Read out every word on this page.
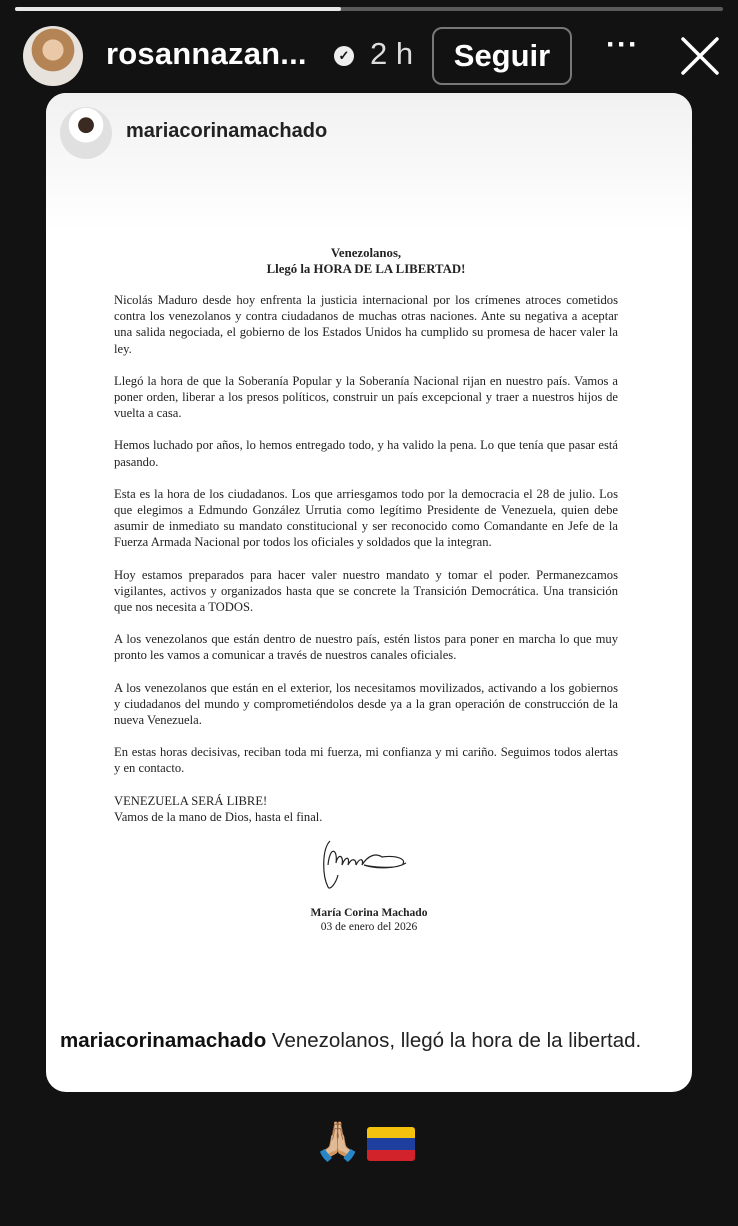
rosannazan...	✓ 2 h	Seguir	···
mariacorinamachado
Venezolanos,
Llegó la HORA DE LA LIBERTAD!

Nicolás Maduro desde hoy enfrenta la justicia internacional por los crímenes atroces cometidos contra los venezolanos y contra ciudadanos de muchas otras naciones. Ante su negativa a aceptar una salida negociada, el gobierno de los Estados Unidos ha cumplido su promesa de hacer valer la ley.

Llegó la hora de que la Soberanía Popular y la Soberanía Nacional rijan en nuestro país. Vamos a poner orden, liberar a los presos políticos, construir un país excepcional y traer a nuestros hijos de vuelta a casa.

Hemos luchado por años, lo hemos entregado todo, y ha valido la pena. Lo que tenía que pasar está pasando.

Esta es la hora de los ciudadanos. Los que arriesgamos todo por la democracia el 28 de julio. Los que elegimos a Edmundo González Urrutia como legítimo Presidente de Venezuela, quien debe asumir de inmediato su mandato constitucional y ser reconocido como Comandante en Jefe de la Fuerza Armada Nacional por todos los oficiales y soldados que la integran.

Hoy estamos preparados para hacer valer nuestro mandato y tomar el poder. Permanezcamos vigilantes, activos y organizados hasta que se concrete la Transición Democrática. Una transición que nos necesita a TODOS.

A los venezolanos que están dentro de nuestro país, estén listos para poner en marcha lo que muy pronto les vamos a comunicar a través de nuestros canales oficiales.

A los venezolanos que están en el exterior, los necesitamos movilizados, activando a los gobiernos y ciudadanos del mundo y comprometiéndolos desde ya a la gran operación de construcción de la nueva Venezuela.

En estas horas decisivas, reciban toda mi fuerza, mi confianza y mi cariño. Seguimos todos alertas y en contacto.

VENEZUELA SERÁ LIBRE!

Vamos de la mano de Dios, hasta el final.

María Corina Machado
03 de enero del 2026
mariacorinamachado Venezolanos, llegó la hora de la libertad.
🙏🏼
